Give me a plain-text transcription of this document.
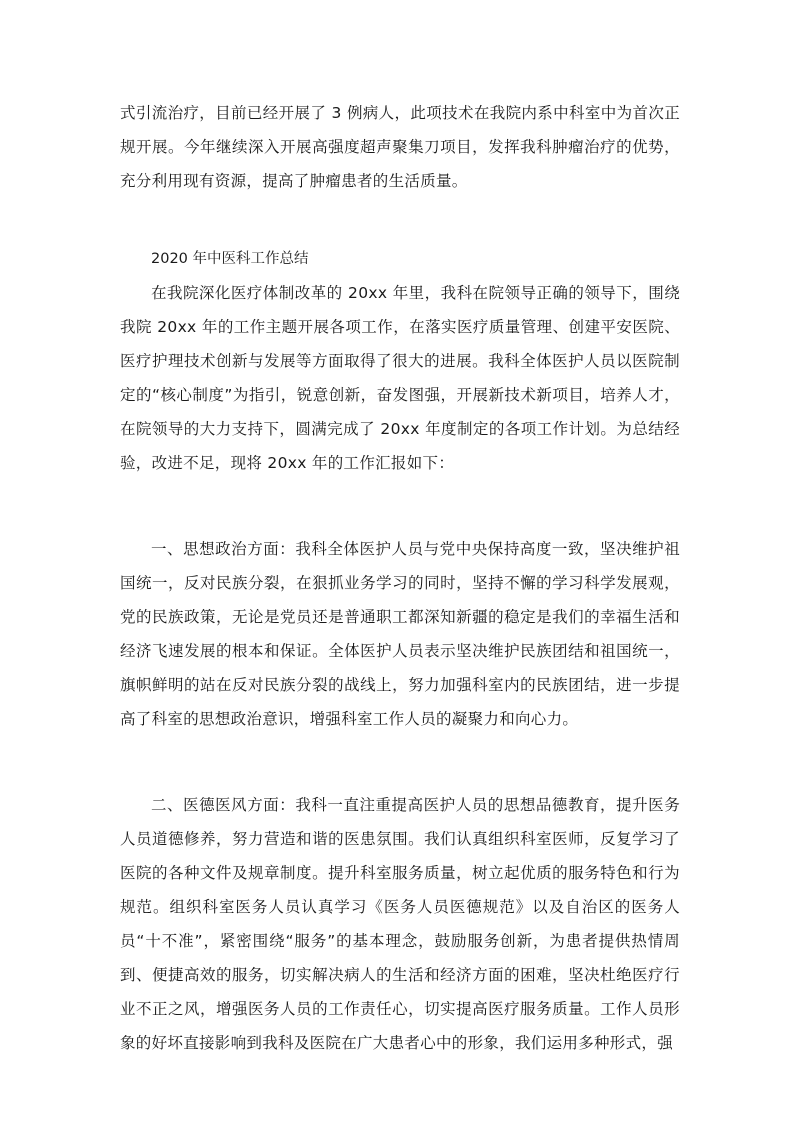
式引流治疗，目前已经开展了 3 例病人，此项技术在我院内系中科室中为首次正规开展。今年继续深入开展高强度超声聚集刀项目，发挥我科肿瘤治疗的优势，充分利用现有资源，提高了肿瘤患者的生活质量。

2020 年中医科工作总结

在我院深化医疗体制改革的 20xx 年里，我科在院领导正确的领导下，围绕我院 20xx 年的工作主题开展各项工作，在落实医疗质量管理、创建平安医院、医疗护理技术创新与发展等方面取得了很大的进展。我科全体医护人员以医院制定的“核心制度”为指引，锐意创新，奋发图强，开展新技术新项目，培养人才，在院领导的大力支持下，圆满完成了 20xx 年度制定的各项工作计划。为总结经验，改进不足，现将 20xx 年的工作汇报如下：

一、思想政治方面：我科全体医护人员与党中央保持高度一致，坚决维护祖国统一，反对民族分裂，在狠抓业务学习的同时，坚持不懈的学习科学发展观，党的民族政策，无论是党员还是普通职工都深知新疆的稳定是我们的幸福生活和经济飞速发展的根本和保证。全体医护人员表示坚决维护民族团结和祖国统一，旗帜鲜明的站在反对民族分裂的战线上，努力加强科室内的民族团结，进一步提高了科室的思想政治意识，增强科室工作人员的凝聚力和向心力。

二、医德医风方面：我科一直注重提高医护人员的思想品德教育，提升医务人员道德修养，努力营造和谐的医患氛围。我们认真组织科室医师，反复学习了医院的各种文件及规章制度。提升科室服务质量，树立起优质的服务特色和行为规范。组织科室医务人员认真学习《医务人员医德规范》以及自治区的医务人员“十不准”，紧密围绕“服务”的基本理念，鼓励服务创新，为患者提供热情周到、便捷高效的服务，切实解决病人的生活和经济方面的困难，坚决杜绝医疗行业不正之风，增强医务人员的工作责任心，切实提高医疗服务质量。工作人员形象的好坏直接影响到我科及医院在广大患者心中的形象，我们运用多种形式，强
